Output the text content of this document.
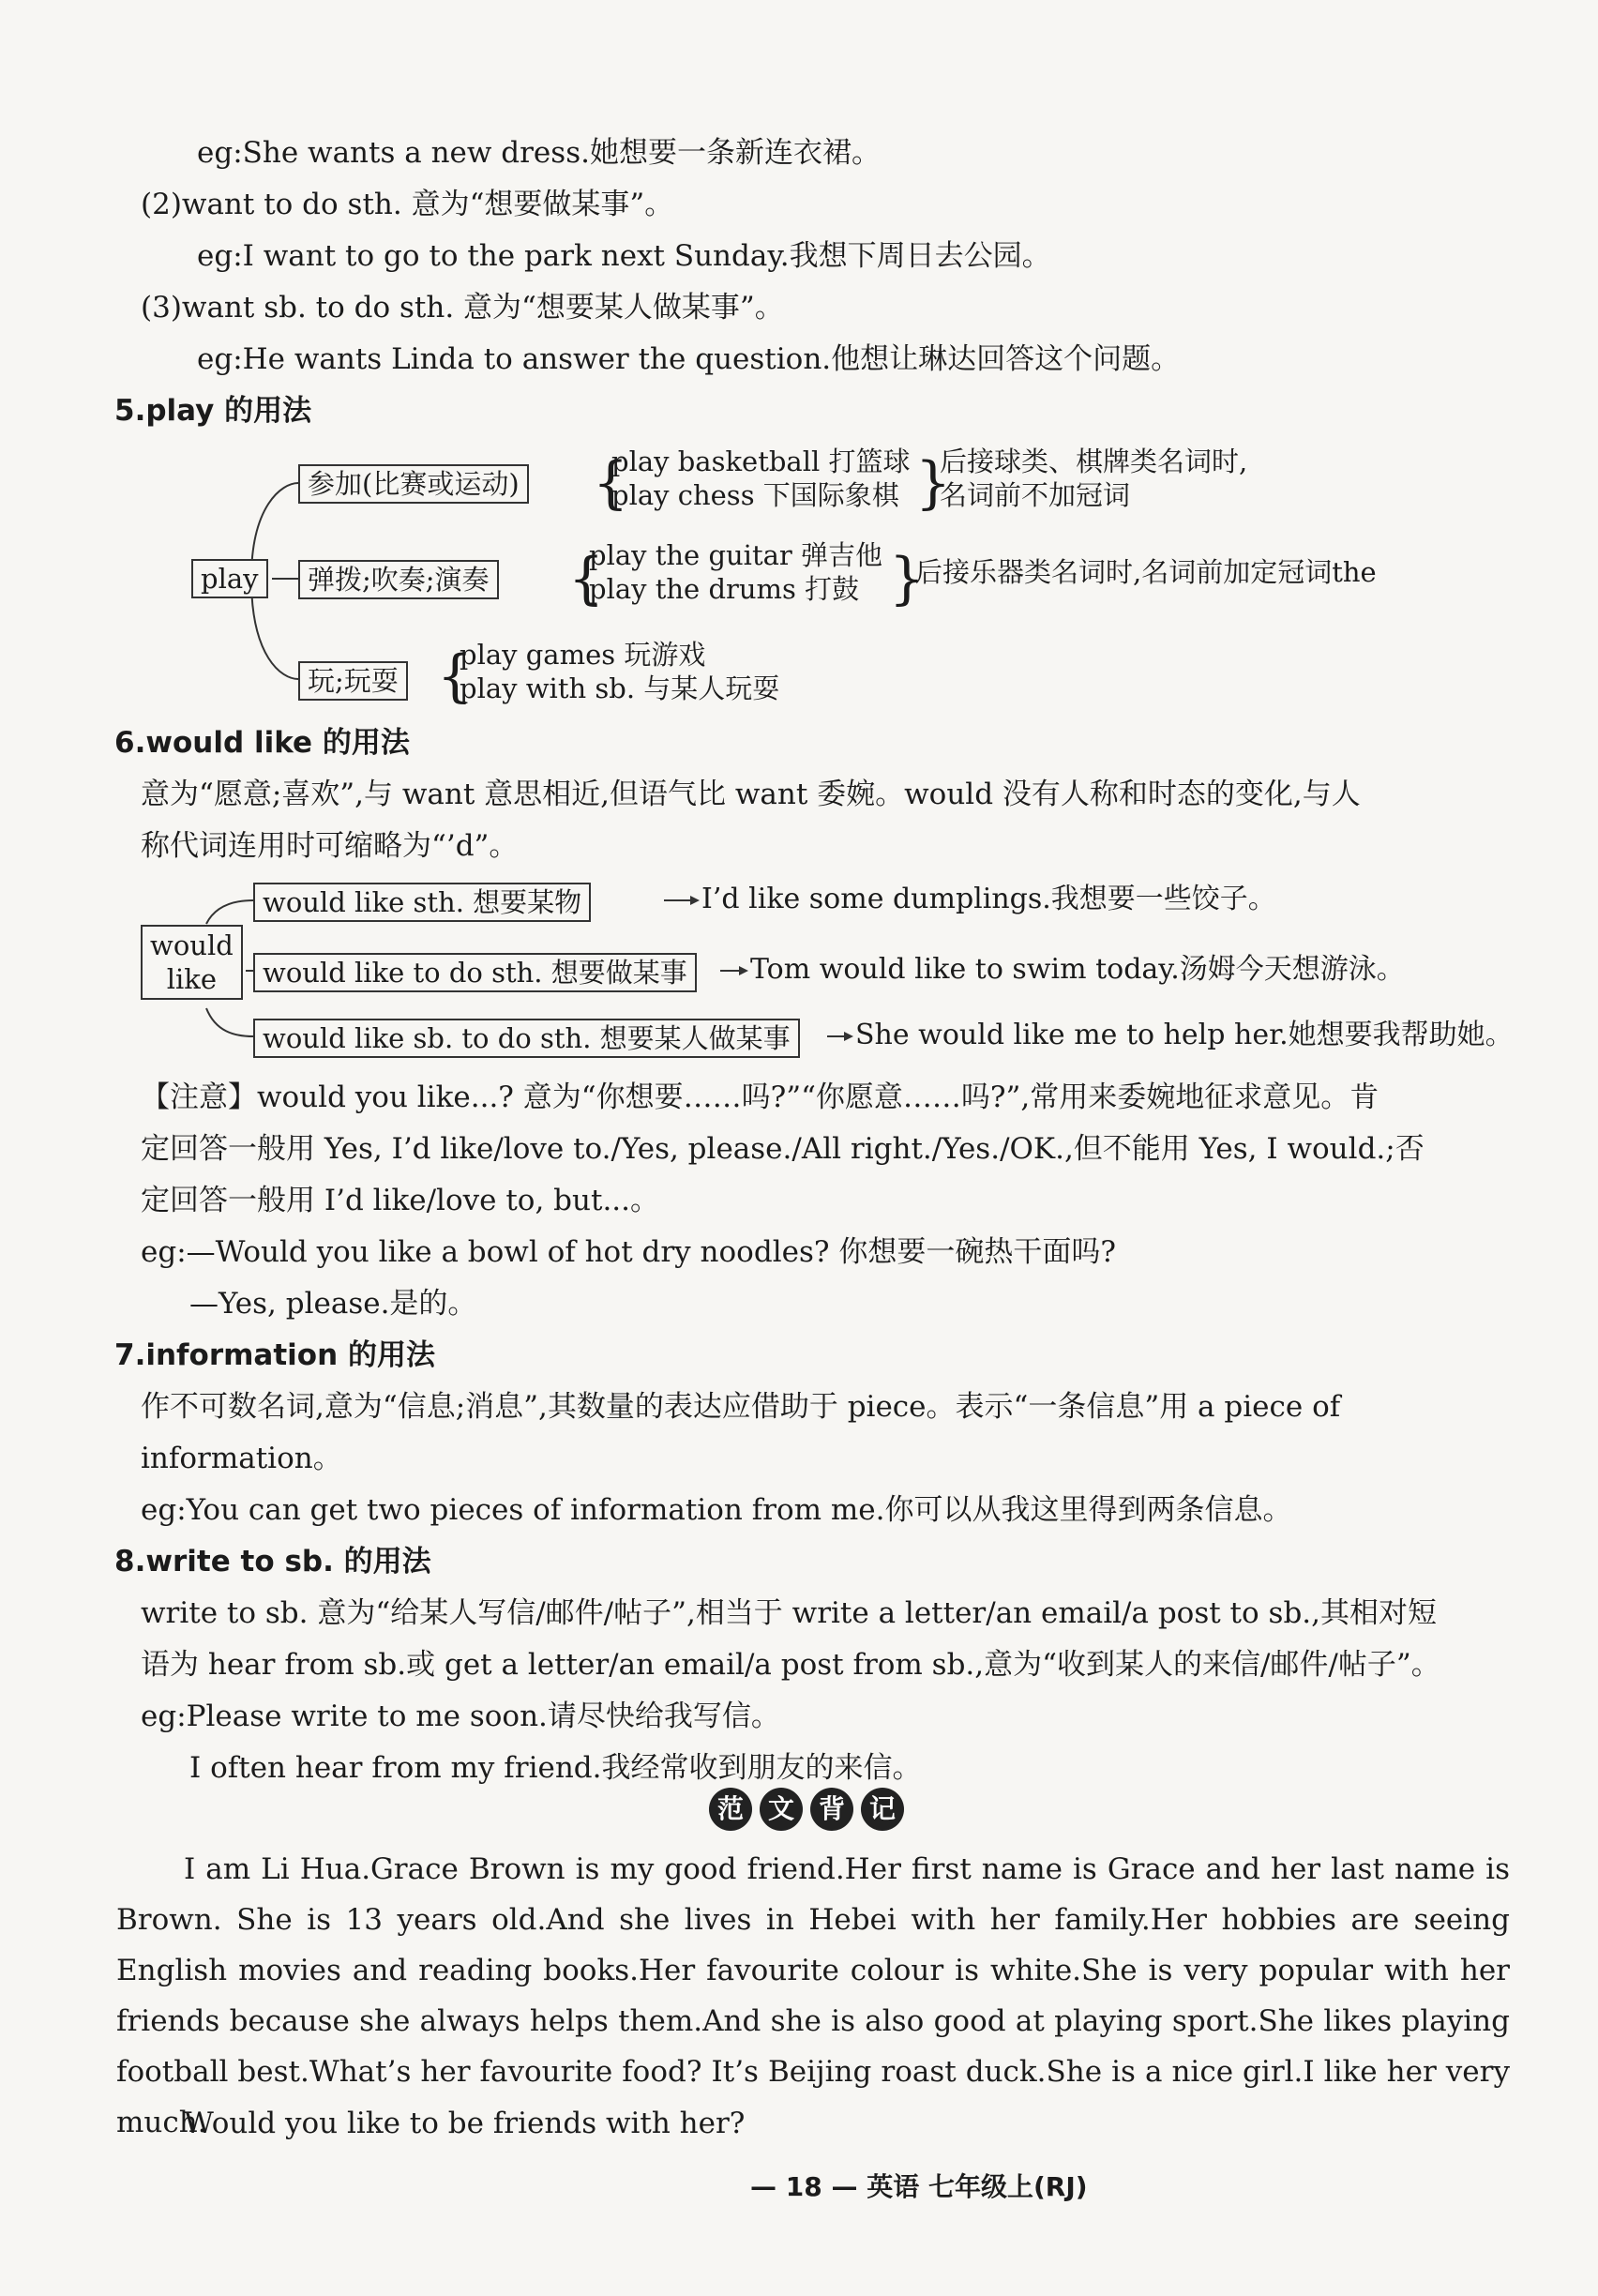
eg:She wants a new dress.她想要一条新连衣裙。
(2)want to do sth. 意为“想要做某事”。
eg:I want to go to the park next Sunday.我想下周日去公园。
(3)want sb. to do sth. 意为“想要某人做某事”。
eg:He wants Linda to answer the question.他想让琳达回答这个问题。
5.play 的用法
play
参加(比赛或运动) {
play basketball 打篮球
play chess 下国际象棋 }
后接球类、棋牌类名词时,
名词前不加冠词
弹拨;吹奏;演奏 {
play the guitar 弹吉他
play the drums 打鼓 }
后接乐器类名词时,名词前加定冠词the
玩;玩耍 {
play games 玩游戏
play with sb. 与某人玩耍
6.would like 的用法
意为“愿意;喜欢”,与 want 意思相近,但语气比 want 委婉。would 没有人称和时态的变化,与人
称代词连用时可缩略为“’d”。
would
like
would like sth. 想要某物	I’d like some dumplings.我想要一些饺子。
would like to do sth. 想要做某事	Tom would like to swim today.汤姆今天想游泳。
would like sb. to do sth. 想要某人做某事	She would like me to help her.她想要我帮助她。
【注意】would you like...? 意为“你想要……吗?”“你愿意……吗?”,常用来委婉地征求意见。肯
定回答一般用 Yes, I’d like/love to./Yes, please./All right./Yes./OK.,但不能用 Yes, I would.;否
定回答一般用 I’d like/love to, but...。
eg:—Would you like a bowl of hot dry noodles? 你想要一碗热干面吗?
—Yes, please.是的。
7.information 的用法
作不可数名词,意为“信息;消息”,其数量的表达应借助于 piece。表示“一条信息”用 a piece of
information。
eg:You can get two pieces of information from me.你可以从我这里得到两条信息。
8.write to sb. 的用法
write to sb. 意为“给某人写信/邮件/帖子”,相当于 write a letter/an email/a post to sb.,其相对短
语为 hear from sb.或 get a letter/an email/a post from sb.,意为“收到某人的来信/邮件/帖子”。
eg:Please write to me soon.请尽快给我写信。
I often hear from my friend.我经常收到朋友的来信。
范 文 背 记
I am Li Hua.Grace Brown is my good friend.Her first name is Grace and her last name is Brown. She is 13 years old.And she lives in Hebei with her family.Her hobbies are seeing English movies and reading books.Her favourite colour is white.She is very popular with her friends because she always helps them.And she is also good at playing sport.She likes playing football best.What’s her favourite food? It’s Beijing roast duck.She is a nice girl.I like her very much.
Would you like to be friends with her?
— 18 — 英语 七年级上(RJ)
